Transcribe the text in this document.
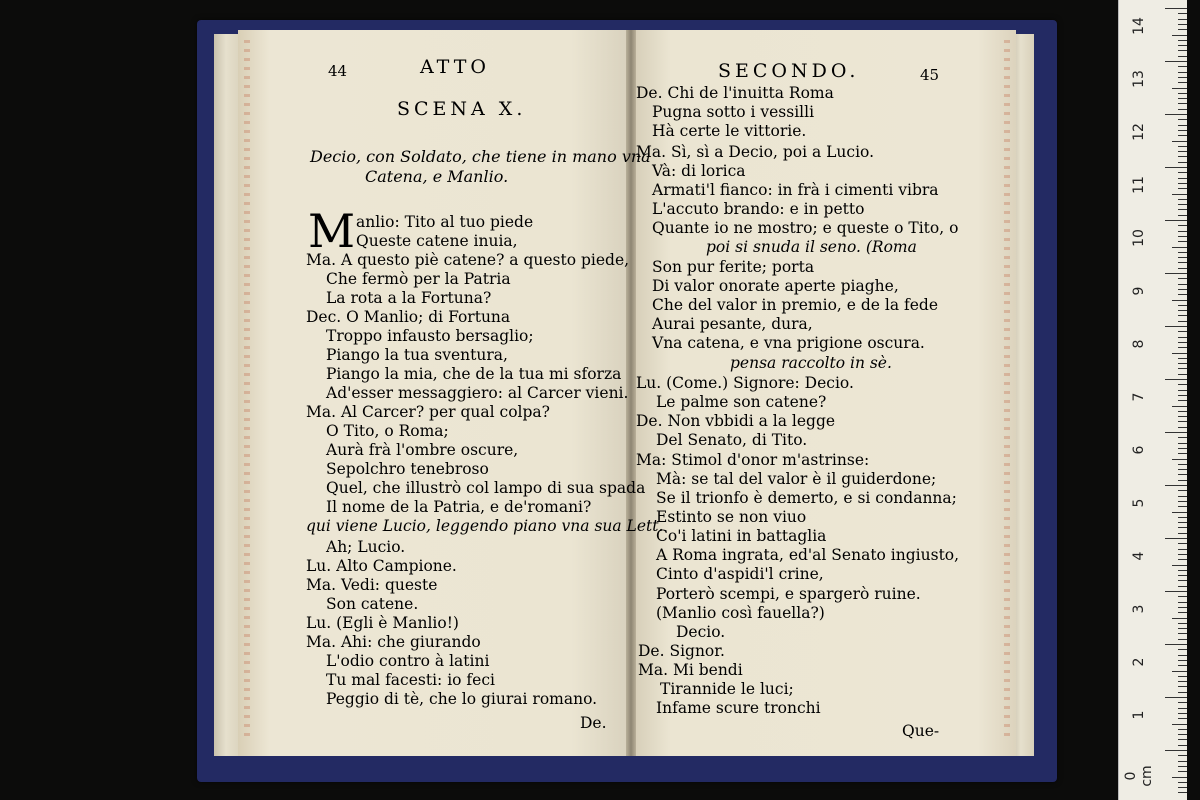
14
13
12
11
10
9
8
7
6
5
4
3
2
1
0 cm
44	ATTO
SCENA X.
Decio, con Soldato, che tiene in mano vna
Catena, e Manlio.
M anlio: Tito al tuo piede
Queste catene inuia,
Ma. A questo piè catene? a questo piede,
Che fermò per la Patria
La rota a la Fortuna?
Dec. O Manlio; di Fortuna
Troppo infausto bersaglio;
Piango la tua sventura,
Piango la mia, che de la tua mi sforza
Ad'esser messaggiero: al Carcer vieni.
Ma. Al Carcer? per qual colpa?
O Tito, o Roma;
Aurà frà l'ombre oscure,
Sepolchro tenebroso
Quel, che illustrò col lampo di sua spada
Il nome de la Patria, e de'romani?
qui viene Lucio, leggendo piano vna sua Lett.
Ah; Lucio.
Lu. Alto Campione.
Ma. Vedi: queste
Son catene.
Lu. (Egli è Manlio!)
Ma. Ahi: che giurando
L'odio contro à latini
Tu mal facesti: io feci
Peggio di tè, che lo giurai romano.
De.
SECONDO.	45
De. Chi de l'inuitta Roma
Pugna sotto i vessilli
Hà certe le vittorie.
Ma. Sì, sì a Decio, poi a Lucio.
Và: di lorica
Armati'l fianco: in frà i cimenti vibra
L'accuto brando: e in petto
Quante io ne mostro; e queste o Tito, o
poi si snuda il seno. (Roma
Son pur ferite; porta
Di valor onorate aperte piaghe,
Che del valor in premio, e de la fede
Aurai pesante, dura,
Vna catena, e vna prigione oscura.
pensa raccolto in sè.
Lu. (Come.) Signore: Decio.
Le palme son catene?
De. Non vbbidi a la legge
Del Senato, di Tito.
Ma: Stimol d'onor m'astrinse:
Mà: se tal del valor è il guiderdone;
Se il trionfo è demerto, e si condanna;
Estinto se non viuo
Co'i latini in battaglia
A Roma ingrata, ed'al Senato ingiusto,
Cinto d'aspidi'l crine,
Porterò scempi, e spargerò ruine.
(Manlio così fauella?)
Decio.
De. Signor.
Ma. Mi bendi
Tirannide le luci;
Infame scure tronchi
Que-
